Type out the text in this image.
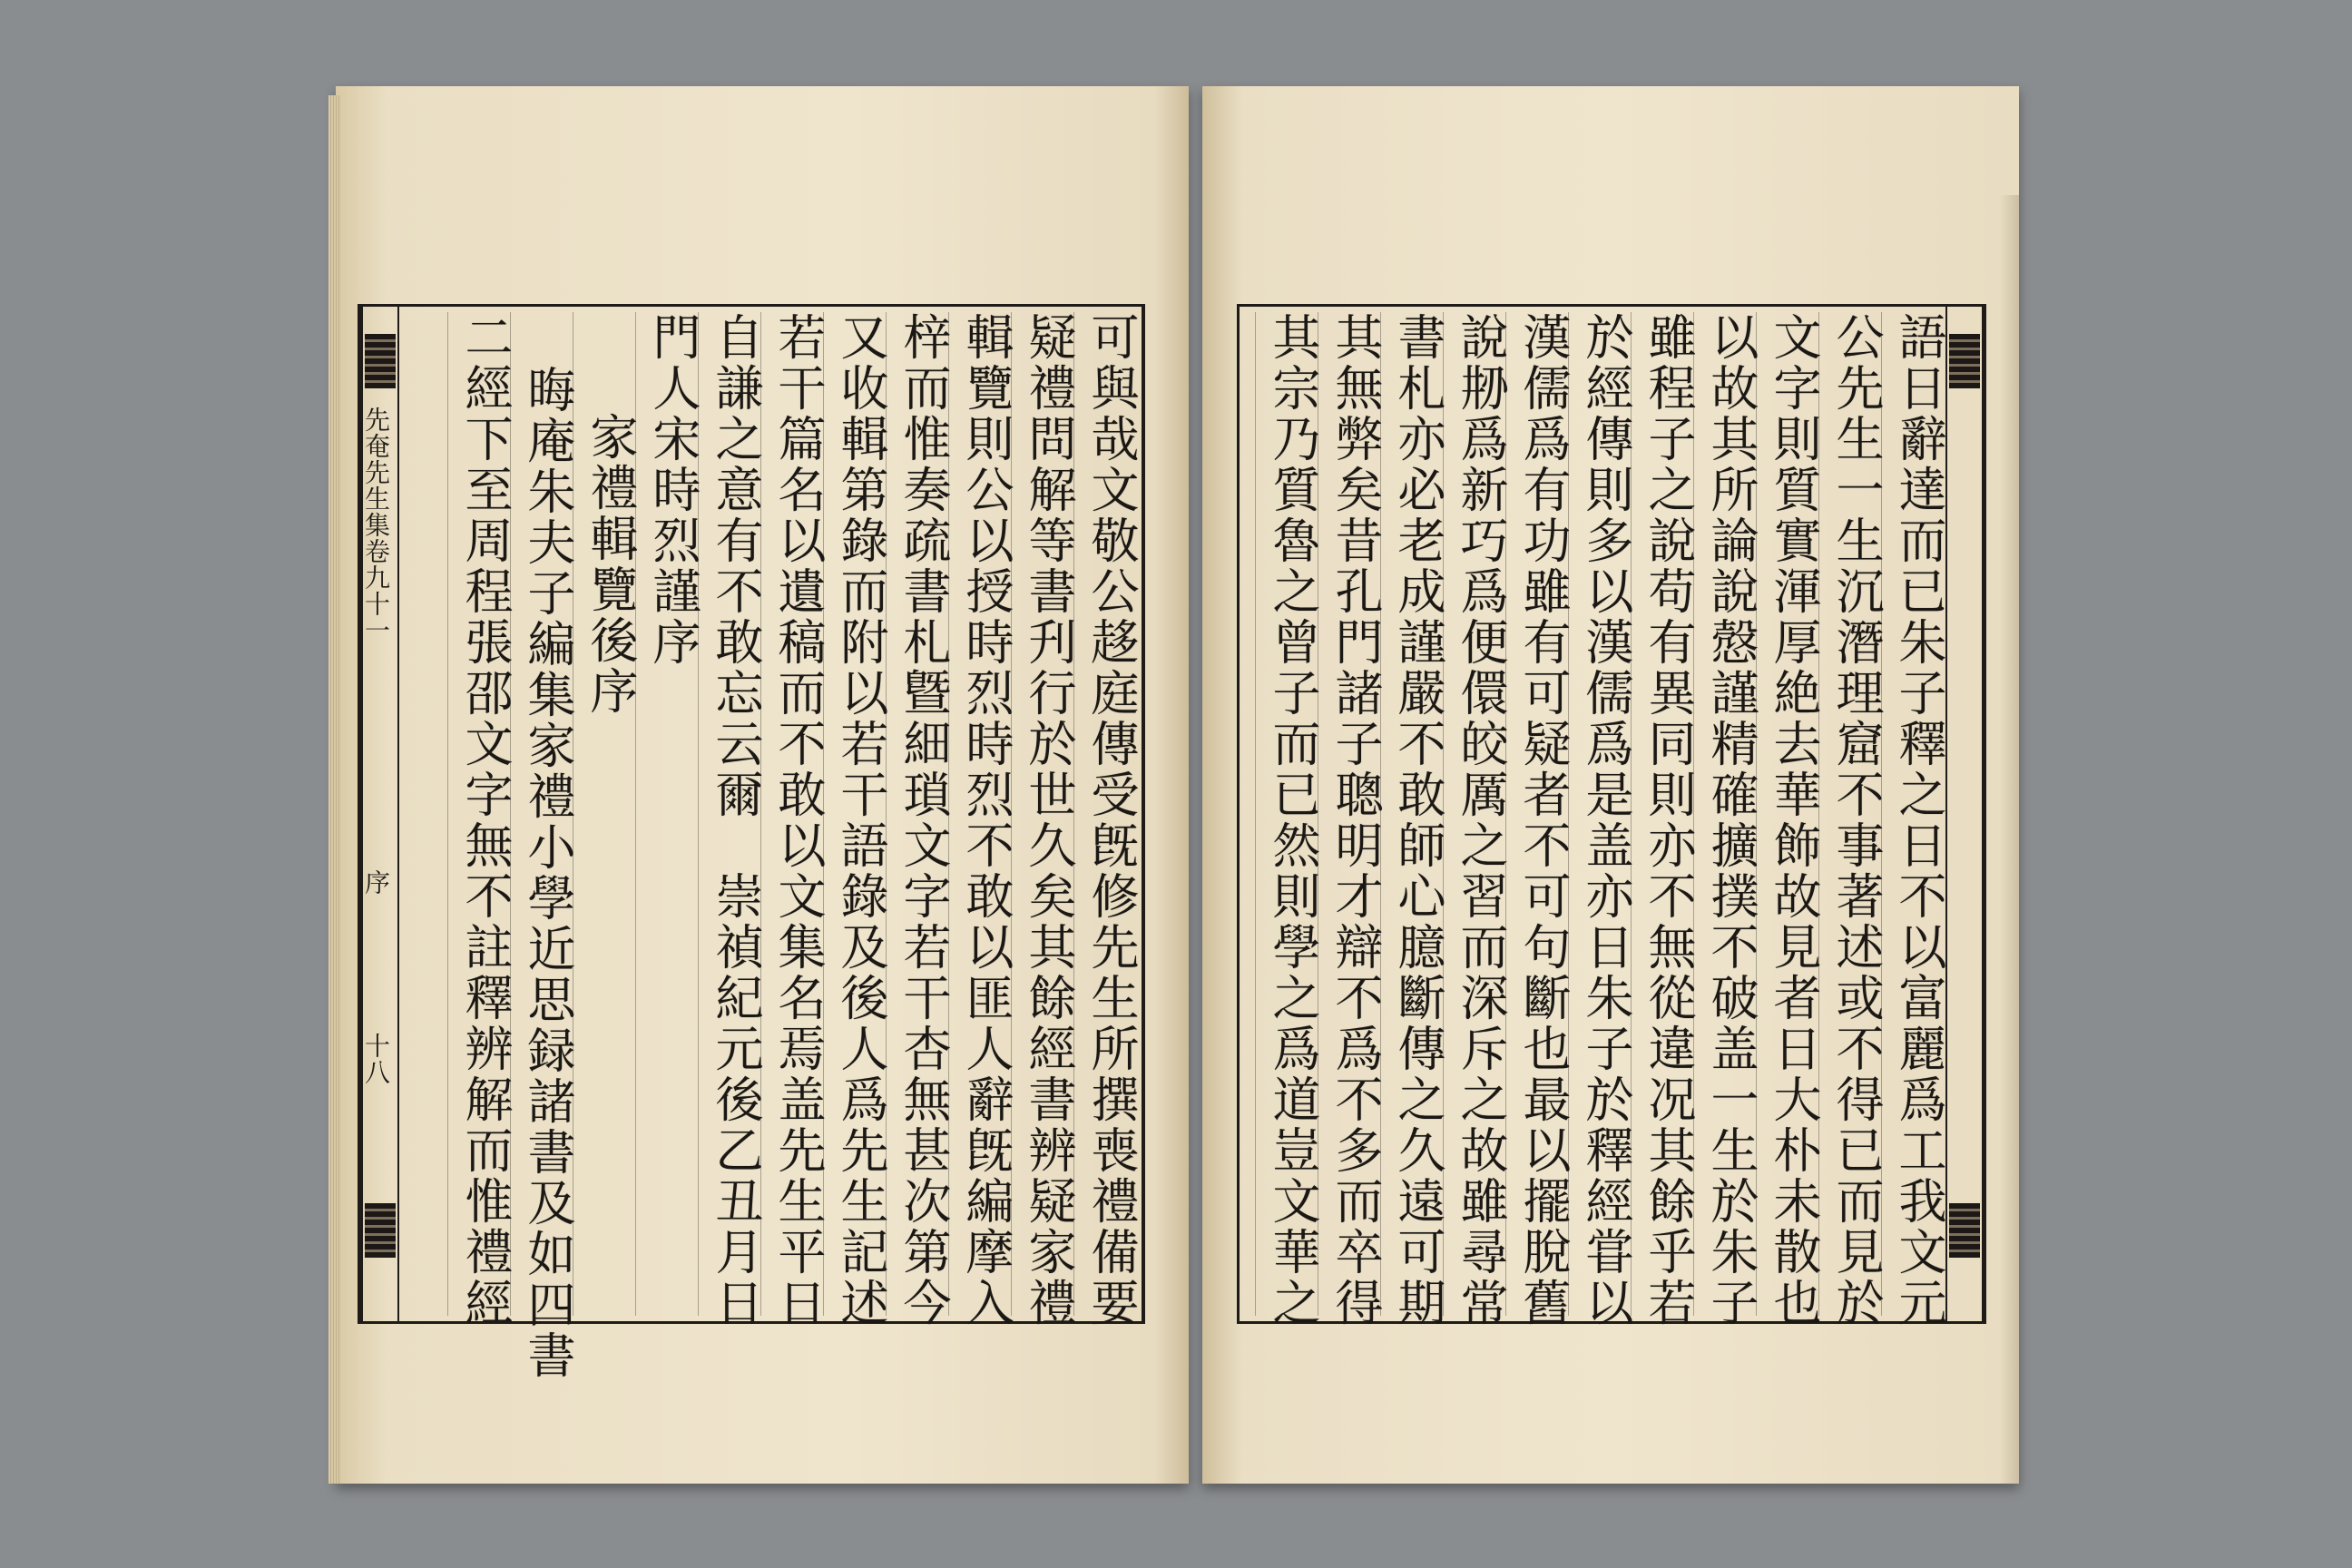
先奄先生集卷九十一
序
十八	可與哉文敬公趍庭傳受旣修先生所撰喪禮備要
疑禮問解等書刋行於世久矣其餘經書辨疑家禮
輯覽則公以授時烈時烈不敢以匪人辭旣編摩入
梓而惟奏疏書札曁細瑣文字若干杏無甚次第今
又收輯第錄而附以若干語錄及後人爲先生記述
若干篇名以遺稿而不敢以文集名焉盖先生平日
自謙之意有不敢忘云爾　崇禎紀元後乙丑月日
門人宋時烈謹序
家禮輯覽後序
晦庵朱夫子編集家禮小學近思録諸書及如四書
二經下至周程張邵文字無不註釋辨解而惟禮經	語日辭達而已朱子釋之日不以富麗爲工我文元
公先生一生沉潛理窟不事著述或不得已而見於
文字則質實渾厚絶去華飾故見者日大朴未散也
以故其所論說慤謹精確擴撲不破盖一生於朱子
雖程子之說苟有異同則亦不無從違况其餘乎若
於經傳則多以漢儒爲是盖亦日朱子於釋經甞以
漢儒爲有功雖有可疑者不可句斷也最以擺脫舊
說刱爲新巧爲便儇皎厲之習而深斥之故雖尋常
書札亦必老成謹嚴不敢師心臆斷傳之久遠可期
其無弊矣昔孔門諸子聰明才辯不爲不多而卒得
其宗乃質魯之曾子而已然則學之爲道豈文華之
